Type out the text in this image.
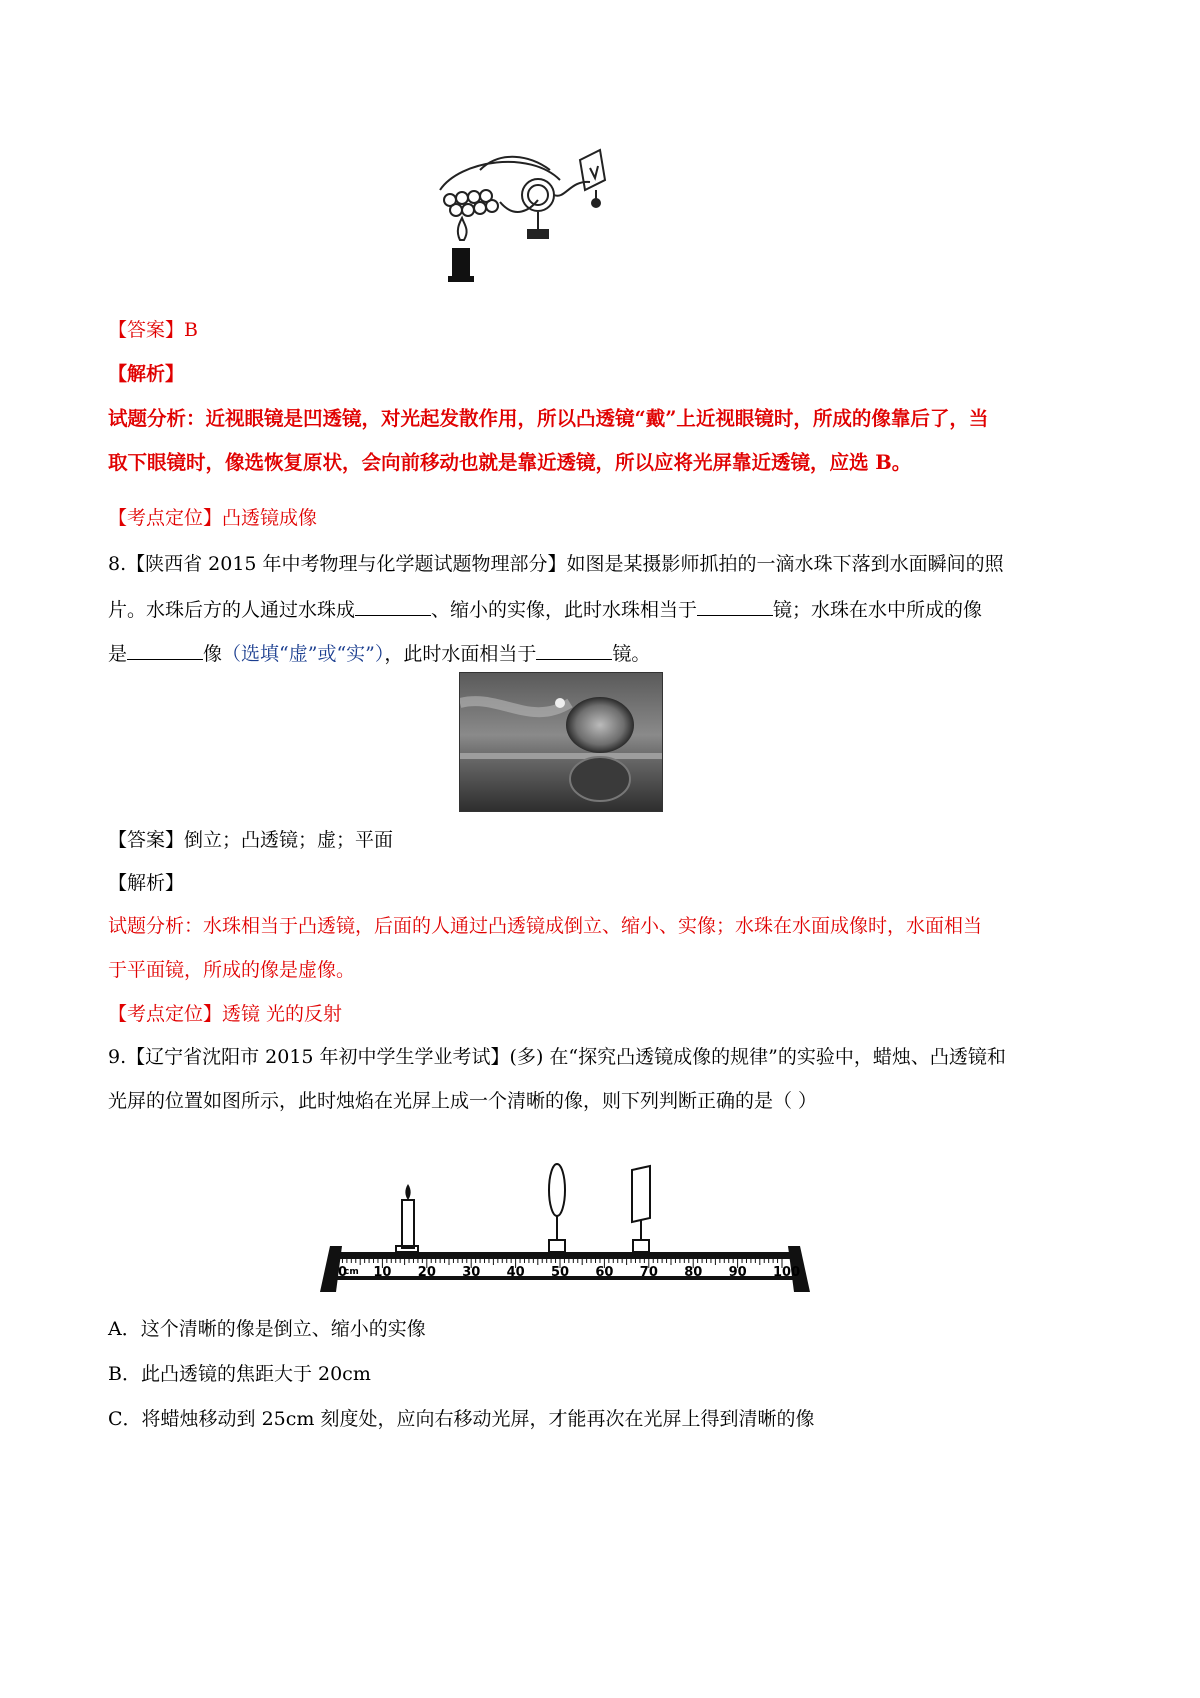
【答案】B
【解析】
试题分析：近视眼镜是凹透镜，对光起发散作用，所以凸透镜“戴”上近视眼镜时，所成的像靠后了，当
取下眼镜时，像选恢复原状，会向前移动也就是靠近透镜，所以应将光屏靠近透镜，应选 B。
【考点定位】凸透镜成像
8.【陕西省 2015 年中考物理与化学题试题物理部分】如图是某摄影师抓拍的一滴水珠下落到水面瞬间的照
片。水珠后方的人通过水珠成	、缩小的实像，此时水珠相当于	镜；水珠在水中所成的像
是	像（选填“虚”或“实”），此时水面相当于	镜。
【答案】倒立；凸透镜；虚；平面
【解析】
试题分析：水珠相当于凸透镜，后面的人通过凸透镜成倒立、缩小、实像；水珠在水面成像时，水面相当
于平面镜，所成的像是虚像。
【考点定位】透镜 光的反射
9.【辽宁省沈阳市 2015 年初中学生学业考试】(多) 在“探究凸透镜成像的规律”的实验中，蜡烛、凸透镜和
光屏的位置如图所示，此时烛焰在光屏上成一个清晰的像，则下列判断正确的是（ ）
cm
0 10 20 30 40 50 60 70 80 90 100
A．这个清晰的像是倒立、缩小的实像
B．此凸透镜的焦距大于 20cm
C．将蜡烛移动到 25cm 刻度处，应向右移动光屏，才能再次在光屏上得到清晰的像
